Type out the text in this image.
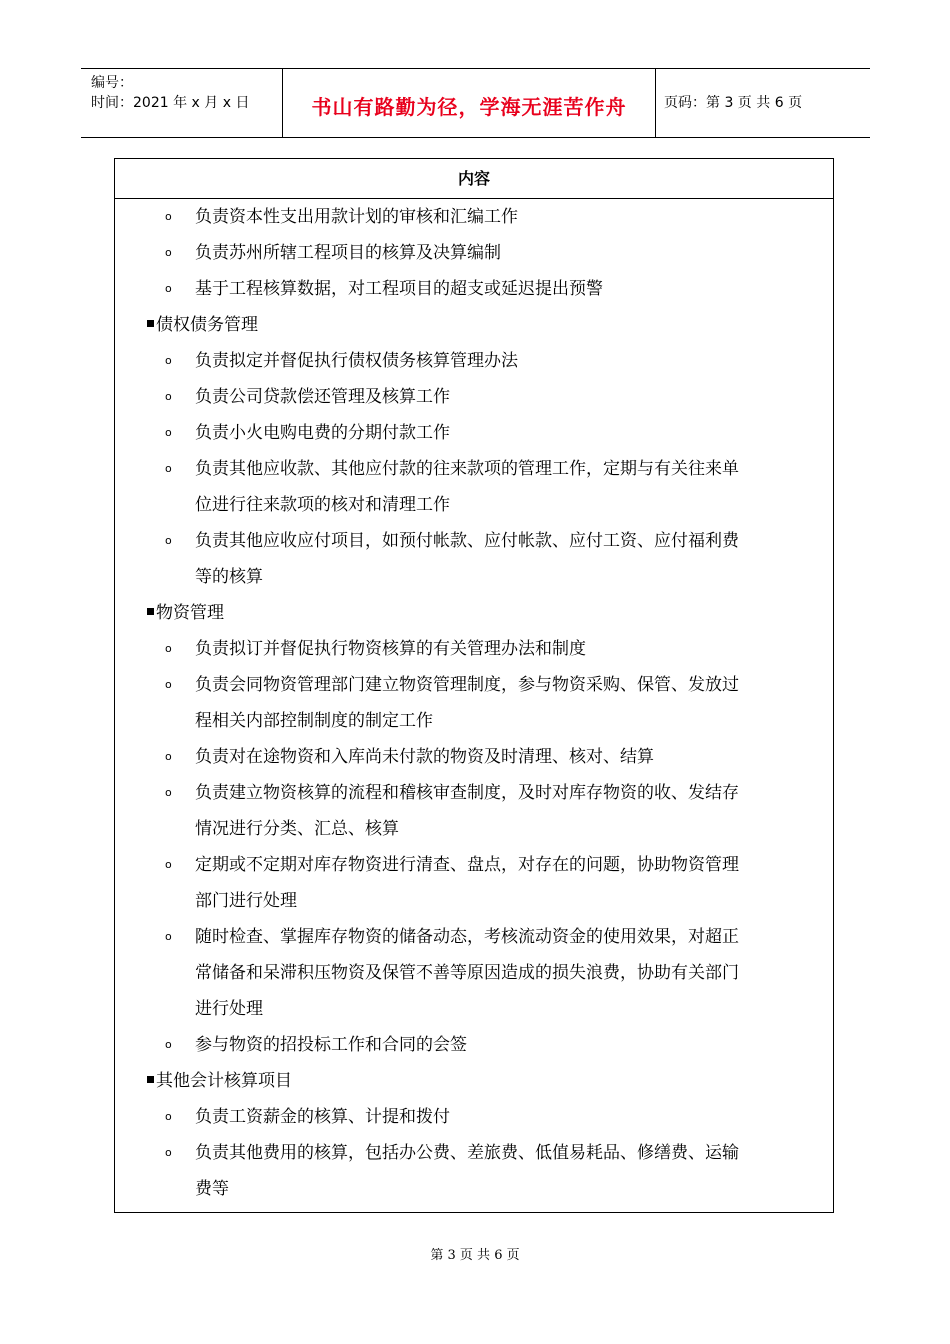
编号：
时间：2021 年 x 月 x 日	书山有路勤为径，学海无涯苦作舟	页码：第 3 页 共 6 页
内容
ο 负责资本性支出用款计划的审核和汇编工作
ο 负责苏州所辖工程项目的核算及决算编制
ο 基于工程核算数据，对工程项目的超支或延迟提出预警
债权债务管理
ο 负责拟定并督促执行债权债务核算管理办法
ο 负责公司贷款偿还管理及核算工作
ο 负责小火电购电费的分期付款工作
ο 负责其他应收款、其他应付款的往来款项的管理工作，定期与有关往来单
位进行往来款项的核对和清理工作
ο 负责其他应收应付项目，如预付帐款、应付帐款、应付工资、应付福利费
等的核算
物资管理
ο 负责拟订并督促执行物资核算的有关管理办法和制度
ο 负责会同物资管理部门建立物资管理制度，参与物资采购、保管、发放过
程相关内部控制制度的制定工作
ο 负责对在途物资和入库尚未付款的物资及时清理、核对、结算
ο 负责建立物资核算的流程和稽核审查制度，及时对库存物资的收、发结存
情况进行分类、汇总、核算
ο 定期或不定期对库存物资进行清查、盘点，对存在的问题，协助物资管理
部门进行处理
ο 随时检查、掌握库存物资的储备动态，考核流动资金的使用效果，对超正
常储备和呆滞积压物资及保管不善等原因造成的损失浪费，协助有关部门
进行处理
ο 参与物资的招投标工作和合同的会签
其他会计核算项目
ο 负责工资薪金的核算、计提和拨付
ο 负责其他费用的核算，包括办公费、差旅费、低值易耗品、修缮费、运输
费等
第 3 页 共 6 页
